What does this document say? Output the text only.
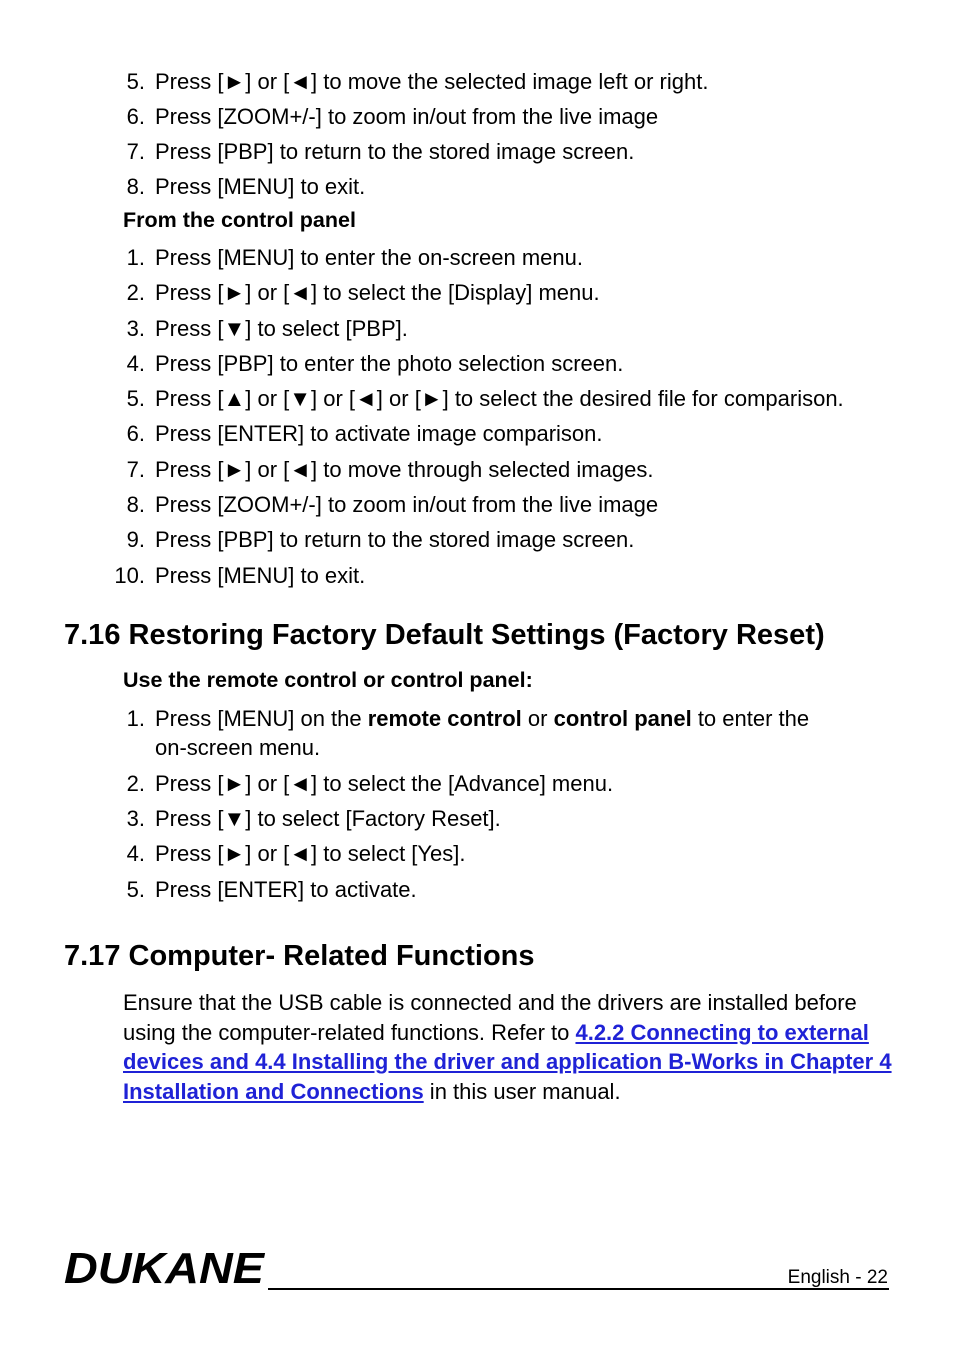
5. Press [►] or [◄] to move the selected image left or right.
6. Press [ZOOM+/-] to zoom in/out from the live image
7. Press [PBP] to return to the stored image screen.
8. Press [MENU] to exit.
From the control panel
1. Press [MENU] to enter the on-screen menu.
2. Press [►] or [◄] to select the [Display] menu.
3. Press [▼] to select [PBP].
4. Press [PBP] to enter the photo selection screen.
5. Press [▲] or [▼] or [◄] or [►] to select the desired file for comparison.
6. Press [ENTER] to activate image comparison.
7. Press [►] or [◄] to move through selected images.
8. Press [ZOOM+/-] to zoom in/out from the live image
9. Press [PBP] to return to the stored image screen.
10. Press [MENU] to exit.
7.16 Restoring Factory Default Settings (Factory Reset)
Use the remote control or control panel:
1. Press [MENU] on the remote control or control panel to enter the
on-screen menu.
2. Press [►] or [◄] to select the [Advance] menu.
3. Press [▼] to select [Factory Reset].
4. Press [►] or [◄] to select [Yes].
5. Press [ENTER] to activate.
7.17 Computer- Related Functions
Ensure that the USB cable is connected and the drivers are installed before using the computer-related functions. Refer to 4.2.2 Connecting to external devices and 4.4 Installing the driver and application B-Works in Chapter 4 Installation and Connections in this user manual.
DUKANE	English - 22
